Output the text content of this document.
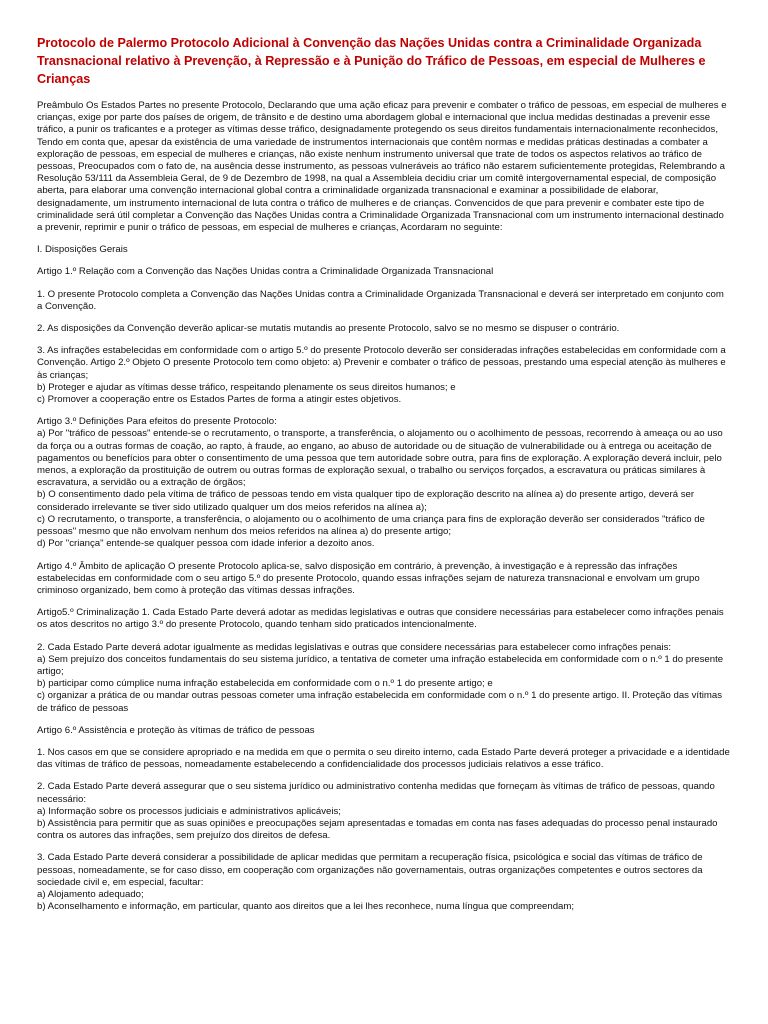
Protocolo de Palermo Protocolo Adicional à Convenção das Nações Unidas contra a Criminalidade Organizada Transnacional relativo à Prevenção, à Repressão e à Punição do Tráfico de Pessoas, em especial de Mulheres e Crianças

Preâmbulo Os Estados Partes no presente Protocolo, Declarando que uma ação eficaz para prevenir e combater o tráfico de pessoas, em especial de mulheres e crianças, exige por parte dos países de origem, de trânsito e de destino uma abordagem global e internacional que inclua medidas destinadas a prevenir esse tráfico, a punir os traficantes e a proteger as vítimas desse tráfico, designadamente protegendo os seus direitos fundamentais internacionalmente reconhecidos, Tendo em conta que, apesar da existência de uma variedade de instrumentos internacionais que contêm normas e medidas práticas destinadas a combater a exploração de pessoas, em especial de mulheres e crianças, não existe nenhum instrumento universal que trate de todos os aspectos relativos ao tráfico de pessoas, Preocupados com o fato de, na ausência desse instrumento, as pessoas vulneráveis ao tráfico não estarem suficientemente protegidas, Relembrando a Resolução 53/111 da Assembleia Geral, de 9 de Dezembro de 1998, na qual a Assembleia decidiu criar um comitê intergovernamental especial, de composição aberta, para elaborar uma convenção internacional global contra a criminalidade organizada transnacional e examinar a possibilidade de elaborar, designadamente, um instrumento internacional de luta contra o tráfico de mulheres e de crianças. Convencidos de que para prevenir e combater este tipo de criminalidade será útil completar a Convenção das Nações Unidas contra a Criminalidade Organizada Transnacional com um instrumento internacional destinado a prevenir, reprimir e punir o tráfico de pessoas, em especial de mulheres e crianças, Acordaram no seguinte:

I. Disposições Gerais

Artigo 1.º Relação com a Convenção das Nações Unidas contra a Criminalidade Organizada Transnacional

1. O presente Protocolo completa a Convenção das Nações Unidas contra a Criminalidade Organizada Transnacional e deverá ser interpretado em conjunto com a Convenção.

2. As disposições da Convenção deverão aplicar-se mutatis mutandis ao presente Protocolo, salvo se no mesmo se dispuser o contrário.

3. As infrações estabelecidas em conformidade com o artigo 5.º do presente Protocolo deverão ser consideradas infrações estabelecidas em conformidade com a Convenção. Artigo 2.º Objeto O presente Protocolo tem como objeto: a) Prevenir e combater o tráfico de pessoas, prestando uma especial atenção às mulheres e às crianças;
b) Proteger e ajudar as vítimas desse tráfico, respeitando plenamente os seus direitos humanos; e
c) Promover a cooperação entre os Estados Partes de forma a atingir estes objetivos.

Artigo 3.º Definições Para efeitos do presente Protocolo:
a) Por "tráfico de pessoas" entende-se o recrutamento, o transporte, a transferência, o alojamento ou o acolhimento de pessoas, recorrendo à ameaça ou ao uso da força ou a outras formas de coação, ao rapto, à fraude, ao engano, ao abuso de autoridade ou de situação de vulnerabilidade ou à entrega ou aceitação de pagamentos ou benefícios para obter o consentimento de uma pessoa que tem autoridade sobre outra, para fins de exploração. A exploração deverá incluir, pelo menos, a exploração da prostituição de outrem ou outras formas de exploração sexual, o trabalho ou serviços forçados, a escravatura ou práticas similares à escravatura, a servidão ou a extração de órgãos;
b) O consentimento dado pela vítima de tráfico de pessoas tendo em vista qualquer tipo de exploração descrito na alínea a) do presente artigo, deverá ser considerado irrelevante se tiver sido utilizado qualquer um dos meios referidos na alínea a);
c) O recrutamento, o transporte, a transferência, o alojamento ou o acolhimento de uma criança para fins de exploração deverão ser considerados "tráfico de pessoas" mesmo que não envolvam nenhum dos meios referidos na alínea a) do presente artigo;
d) Por "criança" entende-se qualquer pessoa com idade inferior a dezoito anos.

Artigo 4.º Âmbito de aplicação O presente Protocolo aplica-se, salvo disposição em contrário, à prevenção, à investigação e à repressão das infrações estabelecidas em conformidade com o seu artigo 5.º do presente Protocolo, quando essas infrações sejam de natureza transnacional e envolvam um grupo criminoso organizado, bem como à proteção das vítimas dessas infrações.

Artigo5.º Criminalização 1. Cada Estado Parte deverá adotar as medidas legislativas e outras que considere necessárias para estabelecer como infrações penais os atos descritos no artigo 3.º do presente Protocolo, quando tenham sido praticados intencionalmente.

2. Cada Estado Parte deverá adotar igualmente as medidas legislativas e outras que considere necessárias para estabelecer como infrações penais:
a) Sem prejuízo dos conceitos fundamentais do seu sistema jurídico, a tentativa de cometer uma infração estabelecida em conformidade com o n.º 1 do presente artigo;
b) participar como cúmplice numa infração estabelecida em conformidade com o n.º 1 do presente artigo; e
c) organizar a prática de ou mandar outras pessoas cometer uma infração estabelecida em conformidade com o n.º 1 do presente artigo. II. Proteção das vítimas de tráfico de pessoas

Artigo 6.º Assistência e proteção às vítimas de tráfico de pessoas

1. Nos casos em que se considere apropriado e na medida em que o permita o seu direito interno, cada Estado Parte deverá proteger a privacidade e a identidade das vítimas de tráfico de pessoas, nomeadamente estabelecendo a confidencialidade dos processos judiciais relativos a esse tráfico.

2. Cada Estado Parte deverá assegurar que o seu sistema jurídico ou administrativo contenha medidas que forneçam às vítimas de tráfico de pessoas, quando necessário:
a) Informação sobre os processos judiciais e administrativos aplicáveis;
b) Assistência para permitir que as suas opiniões e preocupações sejam apresentadas e tomadas em conta nas fases adequadas do processo penal instaurado contra os autores das infrações, sem prejuízo dos direitos de defesa.

3. Cada Estado Parte deverá considerar a possibilidade de aplicar medidas que permitam a recuperação física, psicológica e social das vítimas de tráfico de pessoas, nomeadamente, se for caso disso, em cooperação com organizações não governamentais, outras organizações competentes e outros sectores da sociedade civil e, em especial, facultar:
a) Alojamento adequado;
b) Aconselhamento e informação, em particular, quanto aos direitos que a lei lhes reconhece, numa língua que compreendam;
